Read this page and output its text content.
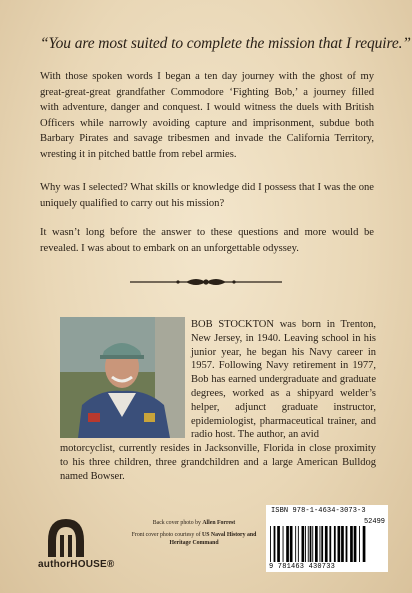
“You are most suited to complete the mission that I require.”

With those spoken words I began a ten day journey with the ghost of my great-great-great grandfather Commodore ‘Fighting Bob,’ a journey filled with adventure, danger and conquest. I would witness the duels with British Officers while narrowly avoiding capture and imprisonment, subdue both Barbary Pirates and savage tribesmen and invade the California Territory, wresting it in pitched battle from rebel armies.

Why was I selected? What skills or knowledge did I possess that I was the one uniquely qualified to carry out his mission?

It wasn’t long before the answer to these questions and more would be revealed. I was about to embark on an unforgettable odyssey.

BOB STOCKTON was born in Trenton, New Jersey, in 1940. Leaving school in his junior year, he began his Navy career in 1957. Following Navy retirement in 1977, Bob has earned undergraduate and graduate degrees, worked as a shipyard welder’s helper, adjunct graduate instructor, epidemiologist, pharmaceutical trainer, and radio host. The author, an avid

motorcyclist, currently resides in Jacksonville, Florida in close proximity to his three children, three grandchildren and a large American Bulldog named Bowser.

authorHOUSE®

Back cover photo by Allen Forrest

Front cover photo courtesy of US Naval History and Heritage Command

ISBN 978-1-4634-3073-3
52499
9 781463 430733
